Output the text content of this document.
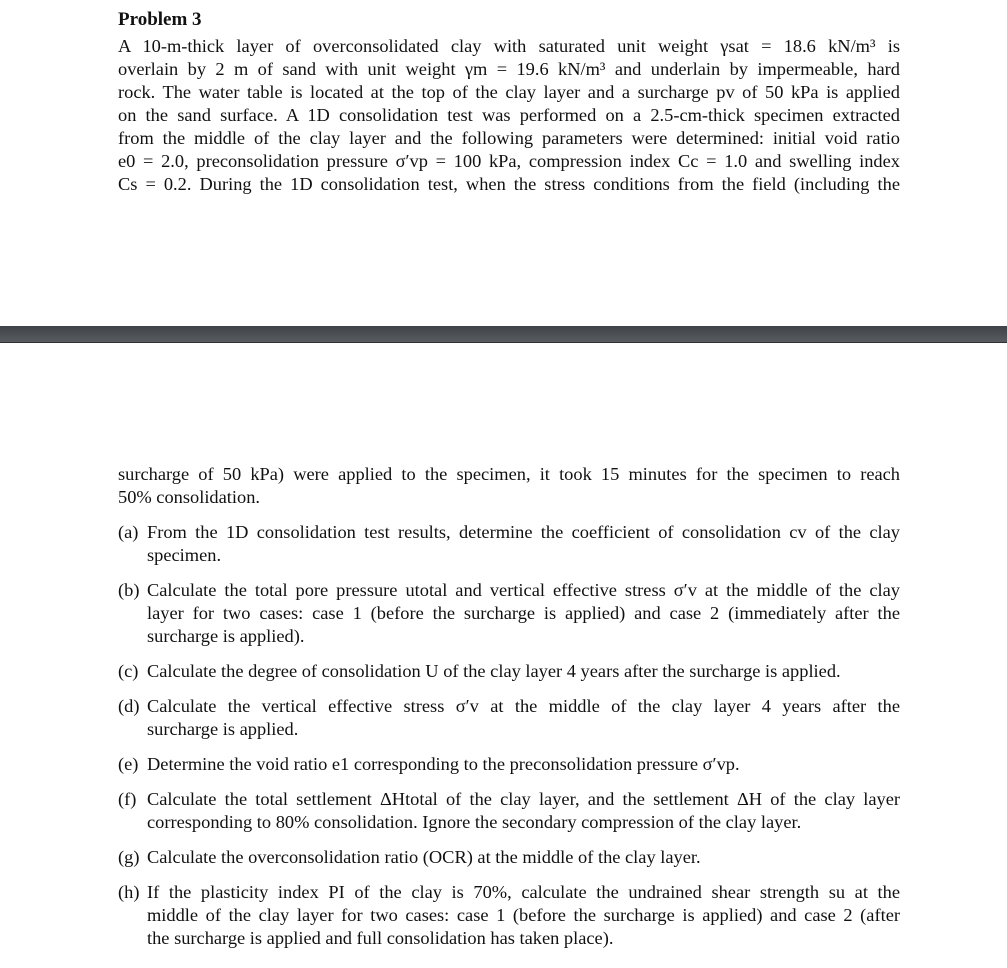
Problem 3
A 10-m-thick layer of overconsolidated clay with saturated unit weight γsat = 18.6 kN/m³ is
overlain by 2 m of sand with unit weight γm = 19.6 kN/m³ and underlain by impermeable, hard
rock. The water table is located at the top of the clay layer and a surcharge pv of 50 kPa is applied
on the sand surface. A 1D consolidation test was performed on a 2.5-cm-thick specimen extracted
from the middle of the clay layer and the following parameters were determined: initial void ratio
e0 = 2.0, preconsolidation pressure σ′vp = 100 kPa, compression index Cc = 1.0 and swelling index
Cs = 0.2. During the 1D consolidation test, when the stress conditions from the field (including the
surcharge of 50 kPa) were applied to the specimen, it took 15 minutes for the specimen to reach
50% consolidation.
(a) From the 1D consolidation test results, determine the coefficient of consolidation cv of the clay
specimen.
(b) Calculate the total pore pressure utotal and vertical effective stress σ′v at the middle of the clay
layer for two cases: case 1 (before the surcharge is applied) and case 2 (immediately after the
surcharge is applied).
(c) Calculate the degree of consolidation U of the clay layer 4 years after the surcharge is applied.
(d) Calculate the vertical effective stress σ′v at the middle of the clay layer 4 years after the
surcharge is applied.
(e) Determine the void ratio e1 corresponding to the preconsolidation pressure σ′vp.
(f) Calculate the total settlement ΔHtotal of the clay layer, and the settlement ΔH of the clay layer
corresponding to 80% consolidation. Ignore the secondary compression of the clay layer.
(g) Calculate the overconsolidation ratio (OCR) at the middle of the clay layer.
(h) If the plasticity index PI of the clay is 70%, calculate the undrained shear strength su at the
middle of the clay layer for two cases: case 1 (before the surcharge is applied) and case 2 (after
the surcharge is applied and full consolidation has taken place).
